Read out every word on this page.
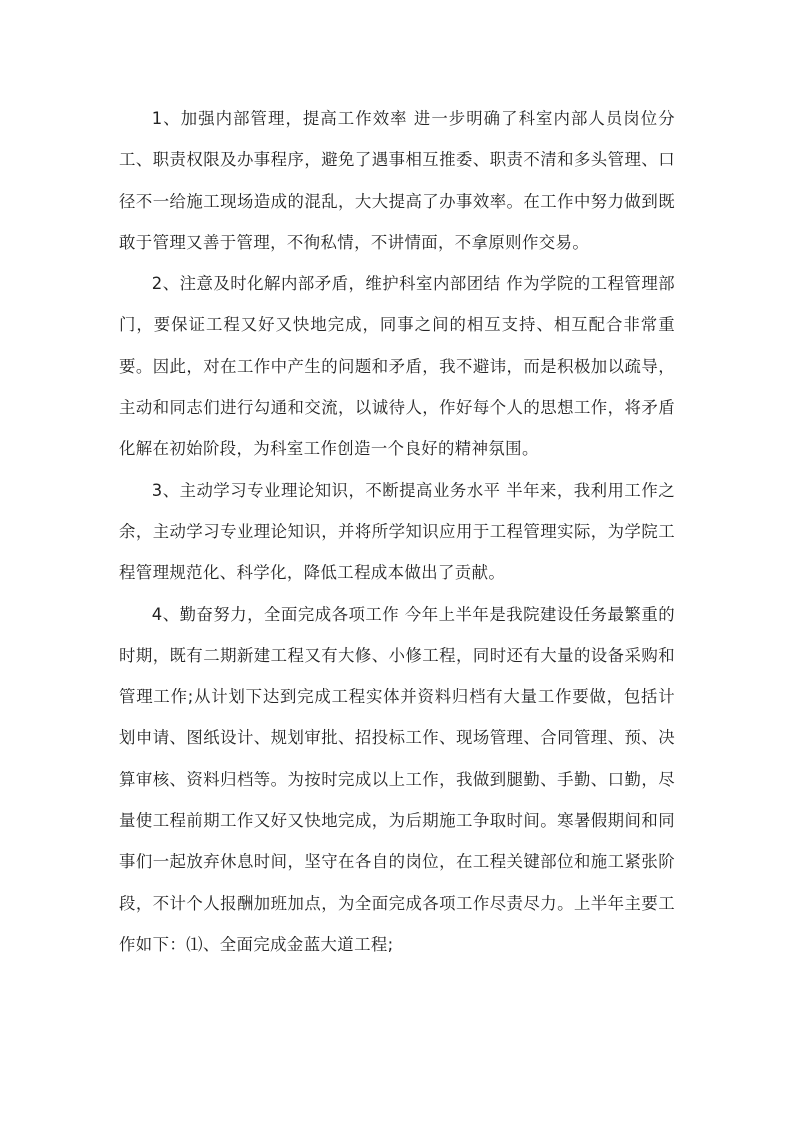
1、加强内部管理，提高工作效率 进一步明确了科室内部人员岗位分工、职责权限及办事程序，避免了遇事相互推委、职责不清和多头管理、口径不一给施工现场造成的混乱，大大提高了办事效率。在工作中努力做到既敢于管理又善于管理，不徇私情，不讲情面，不拿原则作交易。

2、注意及时化解内部矛盾，维护科室内部团结 作为学院的工程管理部门，要保证工程又好又快地完成，同事之间的相互支持、相互配合非常重要。因此，对在工作中产生的问题和矛盾，我不避讳，而是积极加以疏导，主动和同志们进行勾通和交流，以诚待人，作好每个人的思想工作，将矛盾化解在初始阶段，为科室工作创造一个良好的精神氛围。

3、主动学习专业理论知识，不断提高业务水平 半年来，我利用工作之余，主动学习专业理论知识，并将所学知识应用于工程管理实际，为学院工程管理规范化、科学化，降低工程成本做出了贡献。

4、勤奋努力，全面完成各项工作 今年上半年是我院建设任务最繁重的时期，既有二期新建工程又有大修、小修工程，同时还有大量的设备采购和管理工作;从计划下达到完成工程实体并资料归档有大量工作要做，包括计划申请、图纸设计、规划审批、招投标工作、现场管理、合同管理、预、决算审核、资料归档等。为按时完成以上工作，我做到腿勤、手勤、口勤，尽量使工程前期工作又好又快地完成，为后期施工争取时间。寒暑假期间和同事们一起放弃休息时间，坚守在各自的岗位，在工程关键部位和施工紧张阶段，不计个人报酬加班加点，为全面完成各项工作尽责尽力。上半年主要工作如下：⑴、全面完成金蓝大道工程;
